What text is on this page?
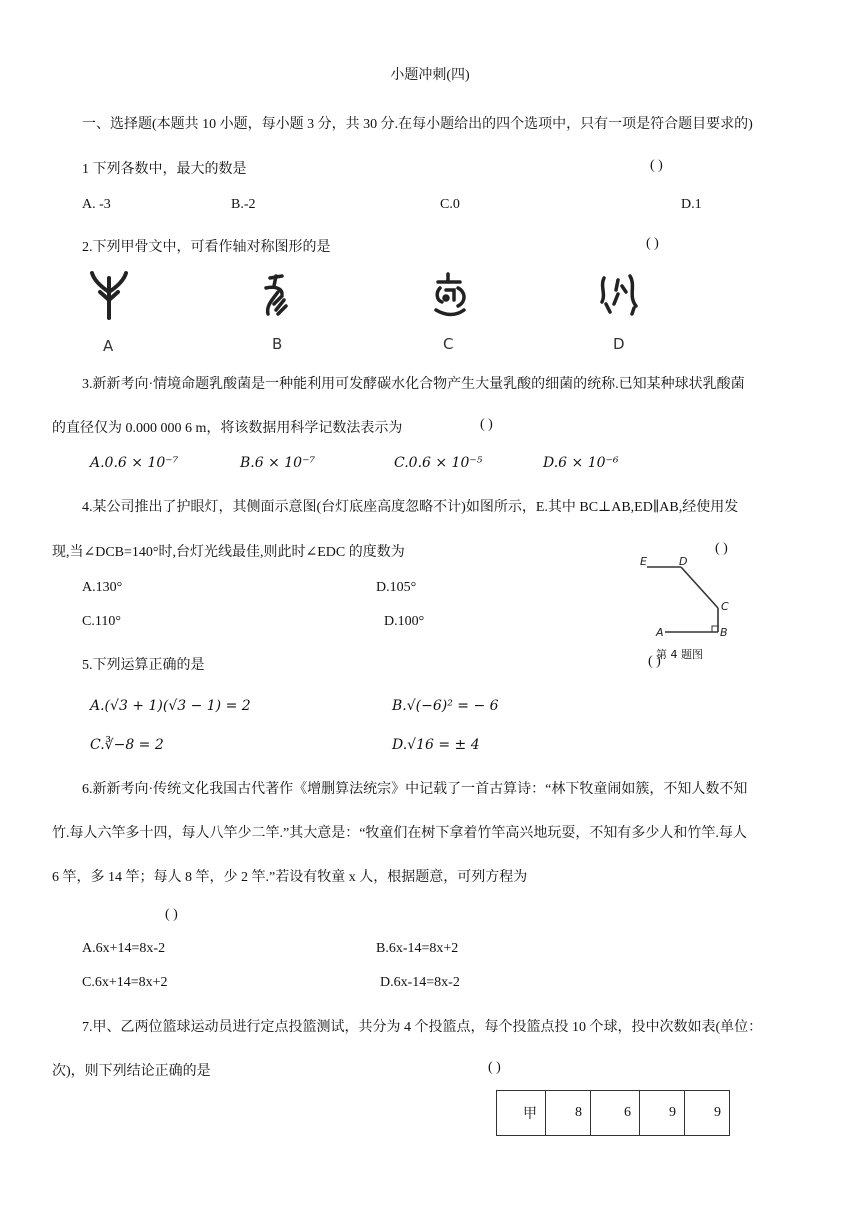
小题冲刺(四)
一、选择题(本题共 10 小题，每小题 3 分，共 30 分.在每小题给出的四个选项中，只有一项是符合题目要求的)
1 下列各数中，最大的数是	( )
A. -3	B.-2	C.0	D.1
2.下列甲骨文中，可看作轴对称图形的是	( )
A	B	C	D
3.新新考向·情境命题乳酸菌是一种能利用可发酵碳水化合物产生大量乳酸的细菌的统称.已知某种球状乳酸菌
的直径仅为 0.000 000 6 m，将该数据用科学记数法表示为	( )
A.0.6 × 10⁻⁷	B.6 × 10⁻⁷	C.0.6 × 10⁻⁵	D.6 × 10⁻⁶
4.某公司推出了护眼灯，其侧面示意图(台灯底座高度忽略不计)如图所示，E.其中 BC⊥AB,ED∥AB,经使用发
现,当∠DCB=140°时,台灯光线最佳,则此时∠EDC 的度数为	( )
A.130°	D.105°
C.110°	D.100°
E	D
C
A	B
第 4 题图
5.下列运算正确的是	( )
A.(√3 + 1)(√3 − 1) = 2	B.√(−6)² = − 6
C.∛−8 = 2	D.√16 = ± 4
6.新新考向·传统文化我国古代著作《增删算法统宗》中记载了一首古算诗：“林下牧童闹如簇，不知人数不知
竹.每人六竿多十四，每人八竿少二竿.”其大意是：“牧童们在树下拿着竹竿高兴地玩耍，不知有多少人和竹竿.每人
6 竿，多 14 竿；每人 8 竿，少 2 竿.”若设有牧童 x 人，根据题意，可列方程为
( )
A.6x+14=8x-2	B.6x-14=8x+2
C.6x+14=8x+2	D.6x-14=8x-2
7.甲、乙两位篮球运动员进行定点投篮测试，共分为 4 个投篮点，每个投篮点投 10 个球，投中次数如表(单位：
次)，则下列结论正确的是	( )
甲	8	6	9	9
